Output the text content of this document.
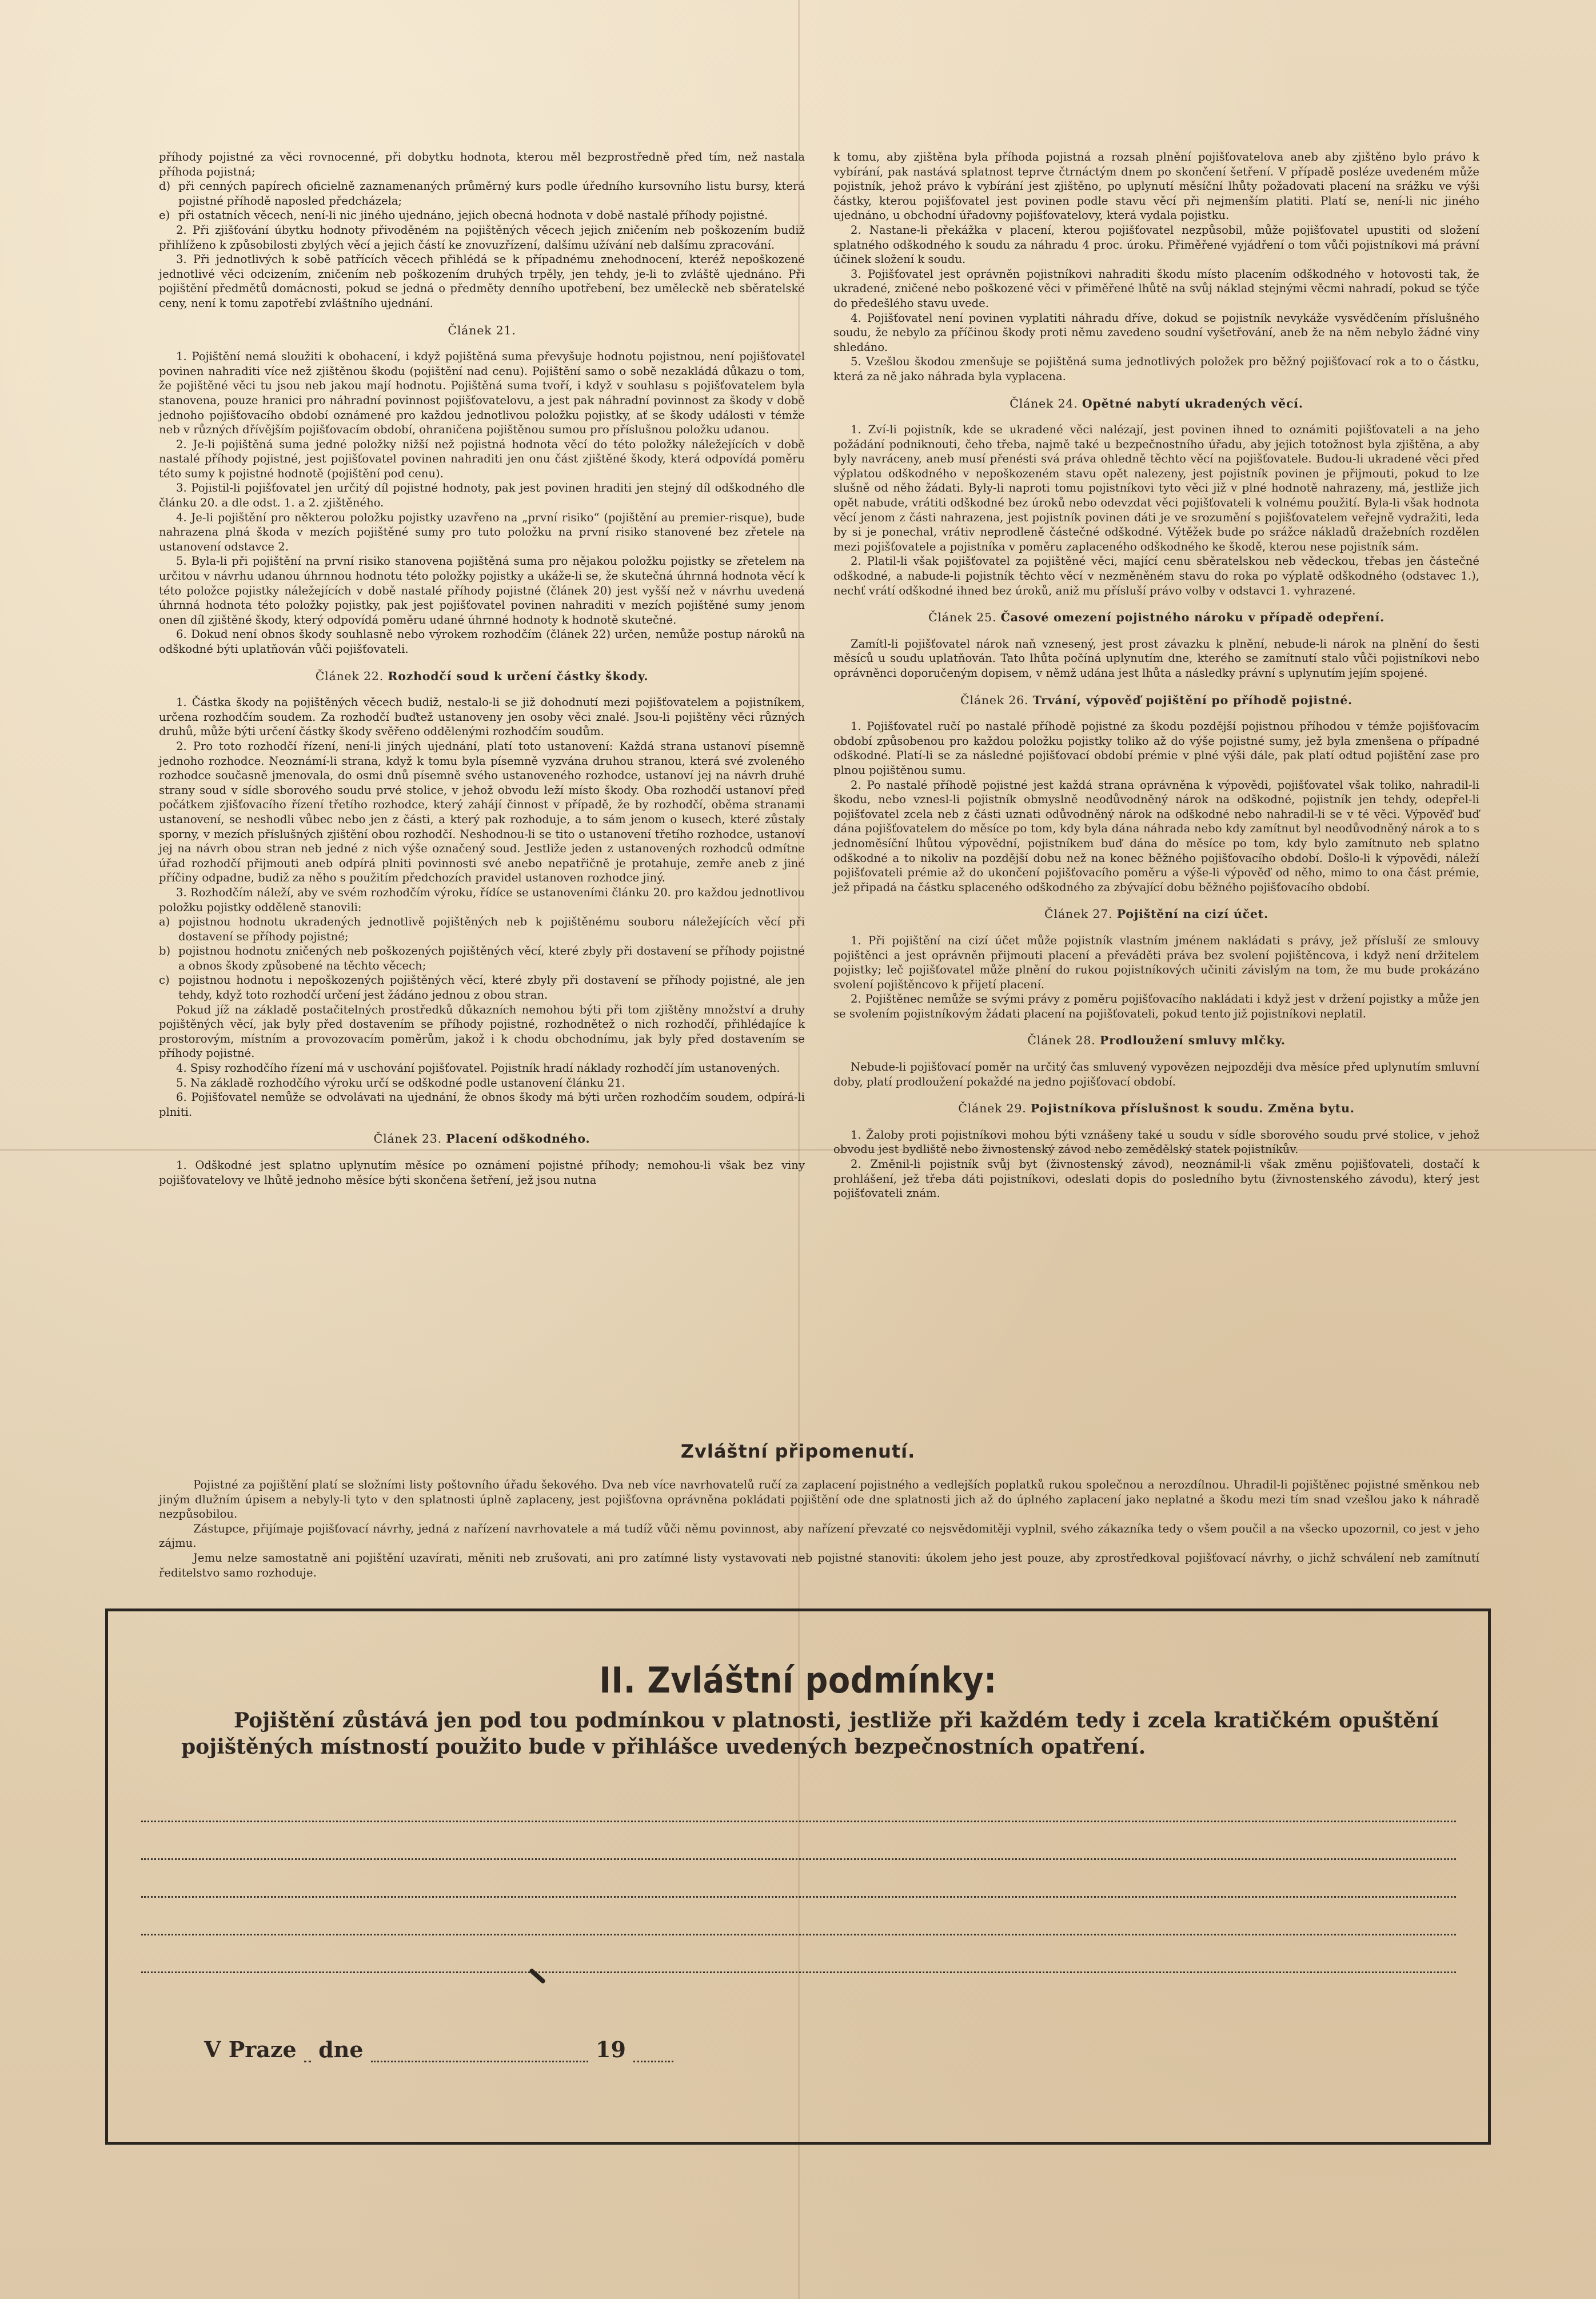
příhody pojistné za věci rovnocenné, při dobytku hodnota, kterou měl bezprostředně před tím, než nastala příhoda pojistná;

d) při cenných papírech oficielně zaznamenaných průměrný kurs podle úředního kursovního listu bursy, která pojistné příhodě naposled předcházela;

e) při ostatních věcech, není-li nic jiného ujednáno, jejich obecná hodnota v době nastalé příhody pojistné.

2. Při zjišťování úbytku hodnoty přivoděném na pojištěných věcech jejich zničením neb poškozením budiž přihlíženo k způsobilosti zbylých věcí a jejich částí ke znovuzřízení, dalšímu užívání neb dalšímu zpracování.

3. Při jednotlivých k sobě patřících věcech přihlédá se k případnému znehodnocení, kteréž nepoškozené jednotlivé věci odcizením, zničením neb poškozením druhých trpěly, jen tehdy, je-li to zvláště ujednáno. Při pojištění předmětů domácnosti, pokud se jedná o předměty denního upotřebení, bez uměleckě neb sběratelské ceny, není k tomu zapotřebí zvláštního ujednání.

Článek 21.

1. Pojištění nemá sloužiti k obohacení, i když pojištěná suma převyšuje hodnotu pojistnou, není pojišťovatel povinen nahraditi více než zjištěnou škodu (pojištění nad cenu). Pojištění samo o sobě nezakládá důkazu o tom, že pojištěné věci tu jsou neb jakou mají hodnotu. Pojištěná suma tvoří, i když v souhlasu s pojišťovatelem byla stanovena, pouze hranici pro náhradní povinnost pojišťovatelovu, a jest pak náhradní povinnost za škody v době jednoho pojišťovacího období oznámené pro každou jednotlivou položku pojistky, ať se škody události v témže neb v různých dřívějším pojišťovacím období, ohraničena pojištěnou sumou pro příslušnou položku udanou.

2. Je-li pojištěná suma jedné položky nižší než pojistná hodnota věcí do této položky náležejících v době nastalé příhody pojistné, jest pojišťovatel povinen nahraditi jen onu část zjištěné škody, která odpovídá poměru této sumy k pojistné hodnotě (pojištění pod cenu).

3. Pojistil-li pojišťovatel jen určitý díl pojistné hodnoty, pak jest povinen hraditi jen stejný díl odškodného dle článku 20. a dle odst. 1. a 2. zjištěného.

4. Je-li pojištění pro některou položku pojistky uzavřeno na „první risiko“ (pojištění au premier-risque), bude nahrazena plná škoda v mezích pojištěné sumy pro tuto položku na první risiko stanovené bez zřetele na ustanovení odstavce 2.

5. Byla-li při pojištění na první risiko stanovena pojištěná suma pro nějakou položku pojistky se zřetelem na určitou v návrhu udanou úhrnnou hodnotu této položky pojistky a ukáže-li se, že skutečná úhrnná hodnota věcí k této položce pojistky náležejících v době nastalé příhody pojistné (článek 20) jest vyšší než v návrhu uvedená úhrnná hodnota této položky pojistky, pak jest pojišťovatel povinen nahraditi v mezích pojištěné sumy jenom onen díl zjištěné škody, který odpovídá poměru udané úhrnné hodnoty k hodnotě skutečné.

6. Dokud není obnos škody souhlasně nebo výrokem rozhodčím (článek 22) určen, nemůže postup nároků na odškodné býti uplatňován vůči pojišťovateli.

Článek 22. Rozhodčí soud k určení částky škody.

1. Částka škody na pojištěných věcech budiž, nestalo-li se již dohodnutí mezi pojišťovatelem a pojistníkem, určena rozhodčím soudem. Za rozhodčí buďtež ustanoveny jen osoby věci znalé. Jsou-li pojištěny věci různých druhů, může býti určení částky škody svěřeno oddělenými rozhodčím soudům.

2. Pro toto rozhodčí řízení, není-li jiných ujednání, platí toto ustanovení: Každá strana ustanoví písemně jednoho rozhodce. Neoznámí-li strana, když k tomu byla písemně vyzvána druhou stranou, která své zvoleného rozhodce současně jmenovala, do osmi dnů písemně svého ustanoveného rozhodce, ustanoví jej na návrh druhé strany soud v sídle sborového soudu prvé stolice, v jehož obvodu leží místo škody. Oba rozhodčí ustanoví před počátkem zjišťovacího řízení třetího rozhodce, který zahájí činnost v případě, že by rozhodčí, oběma stranami ustanovení, se neshodli vůbec nebo jen z části, a který pak rozhoduje, a to sám jenom o kusech, které zůstaly sporny, v mezích příslušných zjištění obou rozhodčí. Neshodnou-li se tito o ustanovení třetího rozhodce, ustanoví jej na návrh obou stran neb jedné z nich výše označený soud. Jestliže jeden z ustanovených rozhodců odmítne úřad rozhodčí přijmouti aneb odpírá plniti povinnosti své anebo nepatřičně je protahuje, zemře aneb z jiné příčiny odpadne, budiž za něho s použitím předchozích pravidel ustanoven rozhodce jiný.

3. Rozhodčím náleží, aby ve svém rozhodčím výroku, řídíce se ustanoveními článku 20. pro každou jednotlivou položku pojistky odděleně stanovili:

a) pojistnou hodnotu ukradených jednotlivě pojištěných neb k pojištěnému souboru náležejících věcí při dostavení se příhody pojistné;

b) pojistnou hodnotu zničených neb poškozených pojištěných věcí, které zbyly při dostavení se příhody pojistné a obnos škody způsobené na těchto věcech;

c) pojistnou hodnotu i nepoškozených pojištěných věcí, které zbyly při dostavení se příhody pojistné, ale jen tehdy, když toto rozhodčí určení jest žádáno jednou z obou stran.

Pokud jíž na základě postačitelných prostředků důkazních nemohou býti při tom zjištěny množství a druhy pojištěných věcí, jak byly před dostavením se příhody pojistné, rozhodnětež o nich rozhodčí, přihlédajíce k prostorovým, místním a provozovacím poměrům, jakož i k chodu obchodnímu, jak byly před dostavením se příhody pojistné.

4. Spisy rozhodčího řízení má v uschování pojišťovatel. Pojistník hradí náklady rozhodčí jím ustanovených.

5. Na základě rozhodčího výroku určí se odškodné podle ustanovení článku 21.

6. Pojišťovatel nemůže se odvolávati na ujednání, že obnos škody má býti určen rozhodčím soudem, odpírá-li plniti.

Článek 23. Placení odškodného.

1. Odškodné jest splatno uplynutím měsíce po oznámení pojistné příhody; nemohou-li však bez viny pojišťovatelovy ve lhůtě jednoho měsíce býti skončena šetření, jež jsou nutna

k tomu, aby zjištěna byla příhoda pojistná a rozsah plnění pojišťovatelova aneb aby zjištěno bylo právo k vybírání, pak nastává splatnost teprve čtrnáctým dnem po skončení šetření. V případě posléze uvedeném může pojistník, jehož právo k vybírání jest zjištěno, po uplynutí měsíční lhůty požadovati placení na srážku ve výši částky, kterou pojišťovatel jest povinen podle stavu věcí při nejmenším platiti. Platí se, není-li nic jiného ujednáno, u obchodní úřadovny pojišťovatelovy, která vydala pojistku.

2. Nastane-li překážka v placení, kterou pojišťovatel nezpůsobil, může pojišťovatel upustiti od složení splatného odškodného k soudu za náhradu 4 proc. úroku. Přiměřené vyjádření o tom vůči pojistníkovi má právní účinek složení k soudu.

3. Pojišťovatel jest oprávněn pojistníkovi nahraditi škodu místo placením odškodného v hotovosti tak, že ukradené, zničené nebo poškozené věci v přiměřené lhůtě na svůj náklad stejnými věcmi nahradí, pokud se týče do předešlého stavu uvede.

4. Pojišťovatel není povinen vyplatiti náhradu dříve, dokud se pojistník nevykáže vysvědčením příslušného soudu, že nebylo za příčinou škody proti němu zavedeno soudní vyšetřování, aneb že na něm nebylo žádné viny shledáno.

5. Vzešlou škodou zmenšuje se pojištěná suma jednotlivých položek pro běžný pojišťovací rok a to o částku, která za ně jako náhrada byla vyplacena.

Článek 24. Opětné nabytí ukradených věcí.

1. Zví-li pojistník, kde se ukradené věci nalézají, jest povinen ihned to oznámiti pojišťovateli a na jeho požádání podniknouti, čeho třeba, najmě také u bezpečnostního úřadu, aby jejich totožnost byla zjištěna, a aby byly navráceny, aneb musí přenésti svá práva ohledně těchto věcí na pojišťovatele. Budou-li ukradené věci před výplatou odškodného v nepoškozeném stavu opět nalezeny, jest pojistník povinen je přijmouti, pokud to lze slušně od něho žádati. Byly-li naproti tomu pojistníkovi tyto věci již v plné hodnotě nahrazeny, má, jestliže jich opět nabude, vrátiti odškodné bez úroků nebo odevzdat věci pojišťovateli k volnému použití. Byla-li však hodnota věcí jenom z části nahrazena, jest pojistník povinen dáti je ve srozumění s pojišťovatelem veřejně vydražiti, leda by si je ponechal, vrátiv neprodleně částečné odškodné. Výtěžek bude po srážce nákladů dražebních rozdělen mezi pojišťovatele a pojistníka v poměru zaplaceného odškodného ke škodě, kterou nese pojistník sám.

2. Platil-li však pojišťovatel za pojištěné věci, mající cenu sběratelskou neb vědeckou, třebas jen částečné odškodné, a nabude-li pojistník těchto věcí v nezměněném stavu do roka po výplatě odškodného (odstavec 1.), nechť vrátí odškodné ihned bez úroků, aniž mu přísluší právo volby v odstavci 1. vyhrazené.

Článek 25. Časové omezení pojistného nároku v případě odepření.

Zamítl-li pojišťovatel nárok naň vznesený, jest prost závazku k plnění, nebude-li nárok na plnění do šesti měsíců u soudu uplatňován. Tato lhůta počíná uplynutím dne, kterého se zamítnutí stalo vůči pojistníkovi nebo oprávněnci doporučeným dopisem, v němž udána jest lhůta a následky právní s uplynutím jejím spojené.

Článek 26. Trvání, výpověď pojištění po příhodě pojistné.

1. Pojišťovatel ručí po nastalé příhodě pojistné za škodu pozdější pojistnou příhodou v témže pojišťovacím období způsobenou pro každou položku pojistky toliko až do výše pojistné sumy, jež byla zmenšena o případné odškodné. Platí-li se za následné pojišťovací období prémie v plné výši dále, pak platí odtud pojištění zase pro plnou pojištěnou sumu.

2. Po nastalé příhodě pojistné jest každá strana oprávněna k výpovědi, pojišťovatel však toliko, nahradil-li škodu, nebo vznesl-li pojistník obmyslně neodůvodněný nárok na odškodné, pojistník jen tehdy, odepřel-li pojišťovatel zcela neb z části uznati odůvodněný nárok na odškodné nebo nahradil-li se v té věci. Výpověď buď dána pojišťovatelem do měsíce po tom, kdy byla dána náhrada nebo kdy zamítnut byl neodůvodněný nárok a to s jednoměsíční lhůtou výpovědní, pojistníkem buď dána do měsíce po tom, kdy bylo zamítnuto neb splatno odškodné a to nikoliv na pozdější dobu než na konec běžného pojišťovacího období. Došlo-li k výpovědi, náleží pojišťovateli prémie až do ukončení pojišťovacího poměru a výše-li výpověď od něho, mimo to ona část prémie, jež připadá na částku splaceného odškodného za zbývající dobu běžného pojišťovacího období.

Článek 27. Pojištění na cizí účet.

1. Při pojištění na cizí účet může pojistník vlastním jménem nakládati s právy, jež přísluší ze smlouvy pojištěnci a jest oprávněn přijmouti placení a převáděti práva bez svolení pojištěncova, i když není držitelem pojistky; leč pojišťovatel může plnění do rukou pojistníkových učiniti závislým na tom, že mu bude prokázáno svolení pojištěncovo k přijetí placení.

2. Pojištěnec nemůže se svými právy z poměru pojišťovacího nakládati i když jest v držení pojistky a může jen se svolením pojistníkovým žádati placení na pojišťovateli, pokud tento již pojistníkovi neplatil.

Článek 28. Prodloužení smluvy mlčky.

Nebude-li pojišťovací poměr na určitý čas smluvený vypovězen nejpozději dva měsíce před uplynutím smluvní doby, platí prodloužení pokaždé na jedno pojišťovací období.

Článek 29. Pojistníkova příslušnost k soudu. Změna bytu.

1. Žaloby proti pojistníkovi mohou býti vznášeny také u soudu v sídle sborového soudu prvé stolice, v jehož obvodu jest bydliště nebo živnostenský závod nebo zemědělský statek pojistníkův.

2. Změnil-li pojistník svůj byt (živnostenský závod), neoznámil-li však změnu pojišťovateli, dostačí k prohlášení, jež třeba dáti pojistníkovi, odeslati dopis do posledního bytu (živnostenského závodu), který jest pojišťovateli znám.

Zvláštní připomenutí.

Pojistné za pojištění platí se složními listy poštovního úřadu šekového. Dva neb více navrhovatelů ručí za zaplacení pojistného a vedlejších poplatků rukou společnou a nerozdílnou. Uhradil-li pojištěnec pojistné směnkou neb jiným dlužním úpisem a nebyly-li tyto v den splatnosti úplně zaplaceny, jest pojišťovna oprávněna pokládati pojištění ode dne splatnosti jich až do úplného zaplacení jako neplatné a škodu mezi tím snad vzešlou jako k náhradě nezpůsobilou.

Zástupce, přijímaje pojišťovací návrhy, jedná z nařízení navrhovatele a má tudíž vůči němu povinnost, aby nařízení převzaté co nejsvědomitěji vyplnil, svého zákazníka tedy o všem poučil a na všecko upozornil, co jest v jeho zájmu.

Jemu nelze samostatně ani pojištění uzavírati, měniti neb zrušovati, ani pro zatímné listy vystavovati neb pojistné stanoviti: úkolem jeho jest pouze, aby zprostředkoval pojišťovací návrhy, o jichž schválení neb zamítnutí ředitelstvo samo rozhoduje.

II. Zvláštní podmínky:
Pojištění zůstává jen pod tou podmínkou v platnosti, jestliže při každém tedy i zcela kratičkém opuštění pojištěných místností použito bude v přihlášce uvedených bezpečnostních opatření.
V Praze dne	19
